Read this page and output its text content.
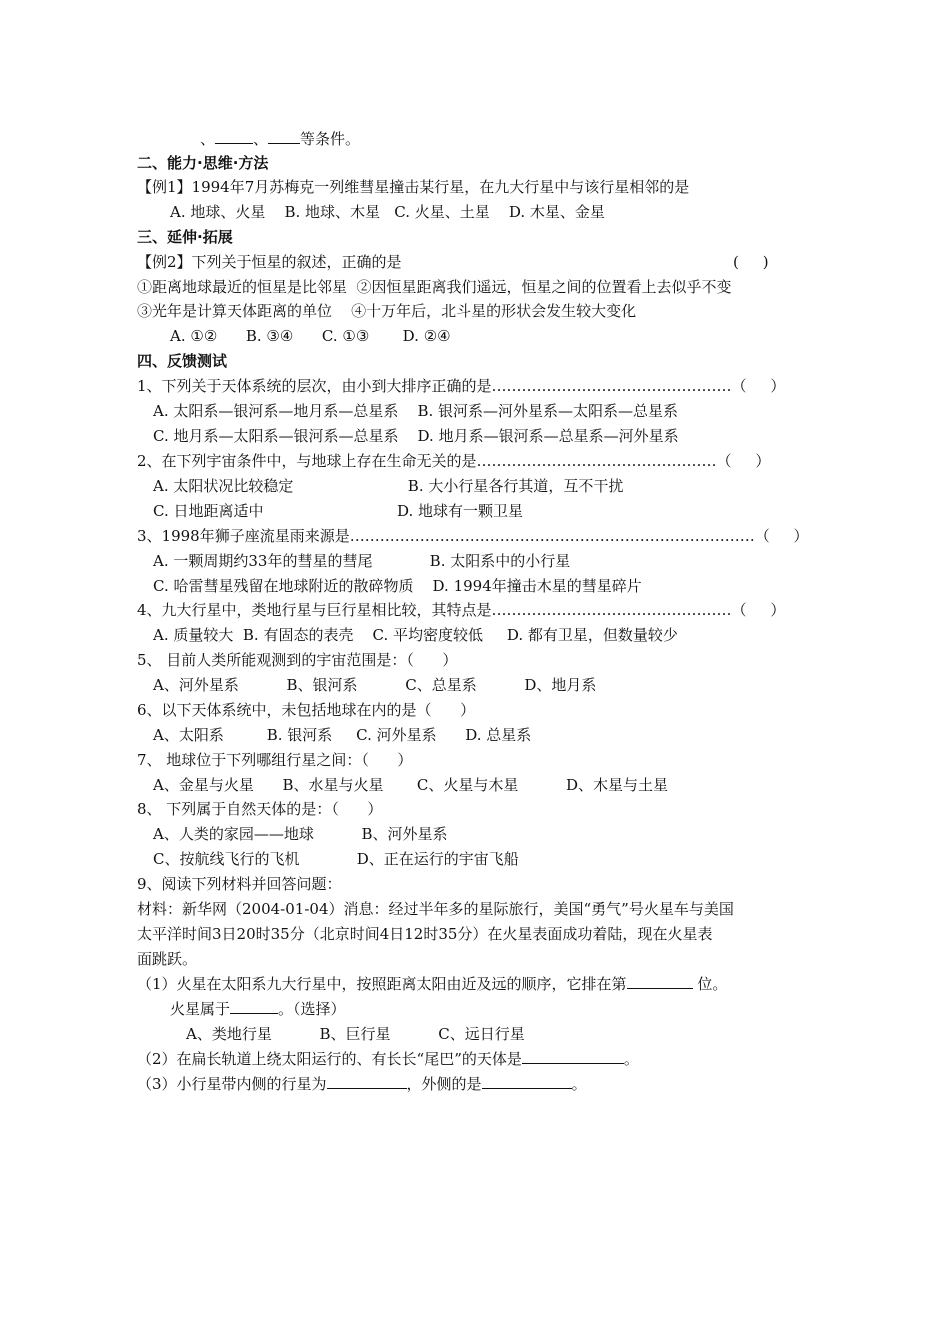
、	、 等条件。
二、能力·思维·方法
【例1】1994年7月苏梅克一列维彗星撞击某行星，在九大行星中与该行星相邻的是
A. 地球、火星    B. 地球、木星   C. 火星、土星    D. 木星、金星
三、延伸·拓展
【例2】下列关于恒星的叙述，正确的是	(     )
①距离地球最近的恒星是比邻星  ②因恒星距离我们遥远，恒星之间的位置看上去似乎不变
③光年是计算天体距离的单位    ④十万年后，北斗星的形状会发生较大变化
A. ①②      B. ③④      C. ①③       D. ②④
四、反馈测试
1、下列关于天体系统的层次，由小到大排序正确的是…………………………………………（     ）
A. 太阳系—银河系—地月系—总星系    B. 银河系—河外星系—太阳系—总星系
C. 地月系—太阳系—银河系—总星系    D. 地月系—银河系—总星系—河外星系
2、在下列宇宙条件中，与地球上存在生命无关的是…………………………………………（     ）
A. 太阳状况比较稳定                        B. 大小行星各行其道，互不干扰
C. 日地距离适中                            D. 地球有一颗卫星
3、1998年狮子座流星雨来源是………………………………………………………………………（     ）
A. 一颗周期约33年的彗星的彗尾            B. 太阳系中的小行星
C. 哈雷彗星残留在地球附近的散碎物质    D. 1994年撞击木星的彗星碎片
4、九大行星中，类地行星与巨行星相比较，其特点是…………………………………………（     ）
A. 质量较大  B. 有固态的表壳    C. 平均密度较低     D. 都有卫星，但数量较少
5、 目前人类所能观测到的宇宙范围是：（      ）
A、河外星系          B、银河系          C、总星系          D、地月系
6、以下天体系统中，未包括地球在内的是（      ）
A、太阳系         B. 银河系     C. 河外星系      D. 总星系
7、 地球位于下列哪组行星之间：（      ）
A、金星与火星      B、水星与火星       C、火星与木星          D、木星与土星
8、 下列属于自然天体的是：（      ）
A、人类的家园——地球          B、河外星系
C、按航线飞行的飞机            D、正在运行的宇宙飞船
9、阅读下列材料并回答问题：
材料：新华网（2004-01-04）消息：经过半年多的星际旅行，美国“勇气”号火星车与美国
太平洋时间3日20时35分（北京时间4日12时35分）在火星表面成功着陆，现在火星表
面跳跃。
（1）火星在太阳系九大行星中，按照距离太阳由近及远的顺序，它排在第	位。
火星属于	。（选择）
A、类地行星          B、巨行星          C、远日行星
（2）在扁长轨道上绕太阳运行的、有长长“尾巴”的天体是	。
（3）小行星带内侧的行星为	，外侧的是	。
